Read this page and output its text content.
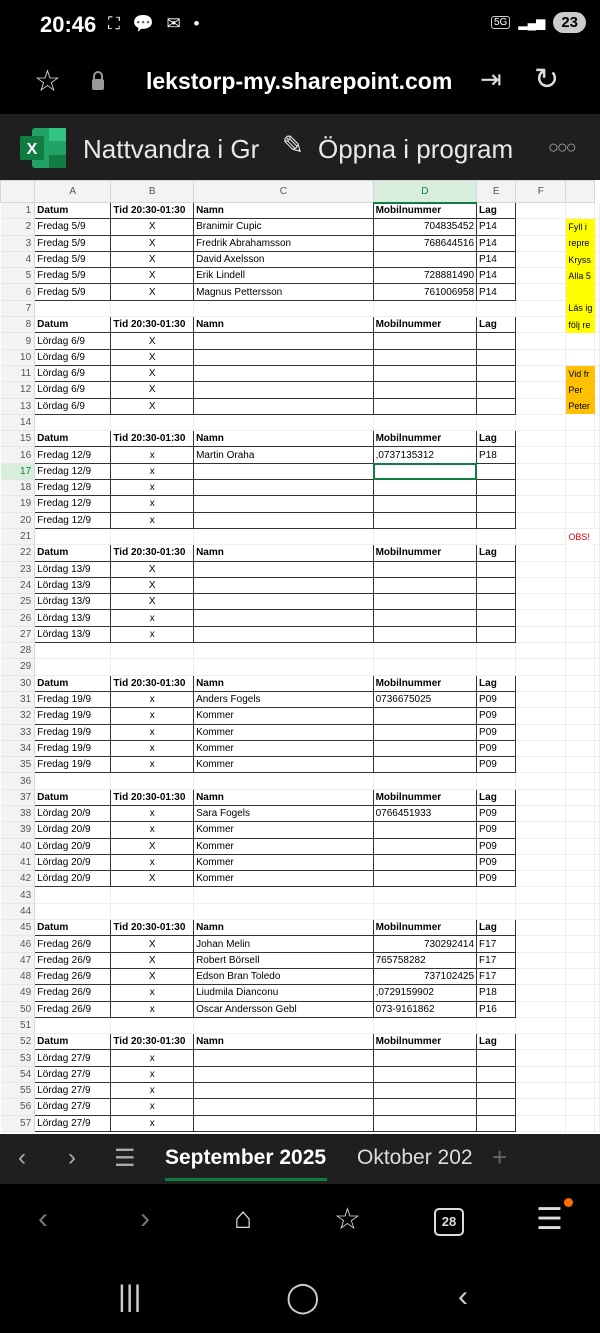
20:46 ⛶ 💬 ✉ •	5G ▂▄▆	23
☆	lekstorp-my.sharepoint.com ⇥ ↻
X Nattvandra i Gr ✎ Öppna i program ○○○
	A	B	C	D	E	F		
1	Datum	Tid 20:30-01:30	Namn	Mobilnummer	Lag			
2	Fredag 5/9	X	Branimir Cupic	704835452	P14		Fyll i	
3	Fredag 5/9	X	Fredrik Abrahamsson	768644516	P14		repre	
4	Fredag 5/9	X	David Axelsson		P14		Kryss	
5	Fredag 5/9	X	Erik Lindell	728881490	P14		Alla 5	
6	Fredag 5/9	X	Magnus Pettersson	761006958	P14			
7							Läs ig	
8	Datum	Tid 20:30-01:30	Namn	Mobilnummer	Lag		följ re	
9	Lördag 6/9	X						
10	Lördag 6/9	X						
11	Lördag 6/9	X					Vid fr	
12	Lördag 6/9	X					Per	
13	Lördag 6/9	X					Peter	
14								
15	Datum	Tid 20:30-01:30	Namn	Mobilnummer	Lag			
16	Fredag 12/9	x	Martin Oraha	,0737135312	P18			
17	Fredag 12/9	x						
18	Fredag 12/9	x						
19	Fredag 12/9	x						
20	Fredag 12/9	x						
21							OBS!	
22	Datum	Tid 20:30-01:30	Namn	Mobilnummer	Lag			
23	Lördag 13/9	X						
24	Lördag 13/9	X						
25	Lördag 13/9	X						
26	Lördag 13/9	x						
27	Lördag 13/9	x						
28								
29								
30	Datum	Tid 20:30-01:30	Namn	Mobilnummer	Lag			
31	Fredag 19/9	x	Anders Fogels	0736675025	P09			
32	Fredag 19/9	x	Kommer		P09			
33	Fredag 19/9	x	Kommer		P09			
34	Fredag 19/9	x	Kommer		P09			
35	Fredag 19/9	x	Kommer		P09			
36								
37	Datum	Tid 20:30-01:30	Namn	Mobilnummer	Lag			
38	Lördag 20/9	x	Sara Fogels	0766451933	P09			
39	Lördag 20/9	x	Kommer		P09			
40	Lördag 20/9	X	Kommer		P09			
41	Lördag 20/9	x	Kommer		P09			
42	Lördag 20/9	X	Kommer		P09			
43								
44								
45	Datum	Tid 20:30-01:30	Namn	Mobilnummer	Lag			
46	Fredag 26/9	X	Johan Melin	730292414	F17			
47	Fredag 26/9	X	Robert Börsell	765758282	F17			
48	Fredag 26/9	X	Edson Bran Toledo	737102425	F17			
49	Fredag 26/9	x	Liudmila Dianconu	,0729159902	P18			
50	Fredag 26/9	x	Oscar Andersson Gebl	073-9161862	P16			
51								
52	Datum	Tid 20:30-01:30	Namn	Mobilnummer	Lag			
53	Lördag 27/9	x						
54	Lördag 27/9	x						
55	Lördag 27/9	x						
56	Lördag 27/9	x						
57	Lördag 27/9	x						
‹ › ☰ September 2025 Oktober 202 +
‹	›	⌂	☆	28	☰
|||	◯	‹
